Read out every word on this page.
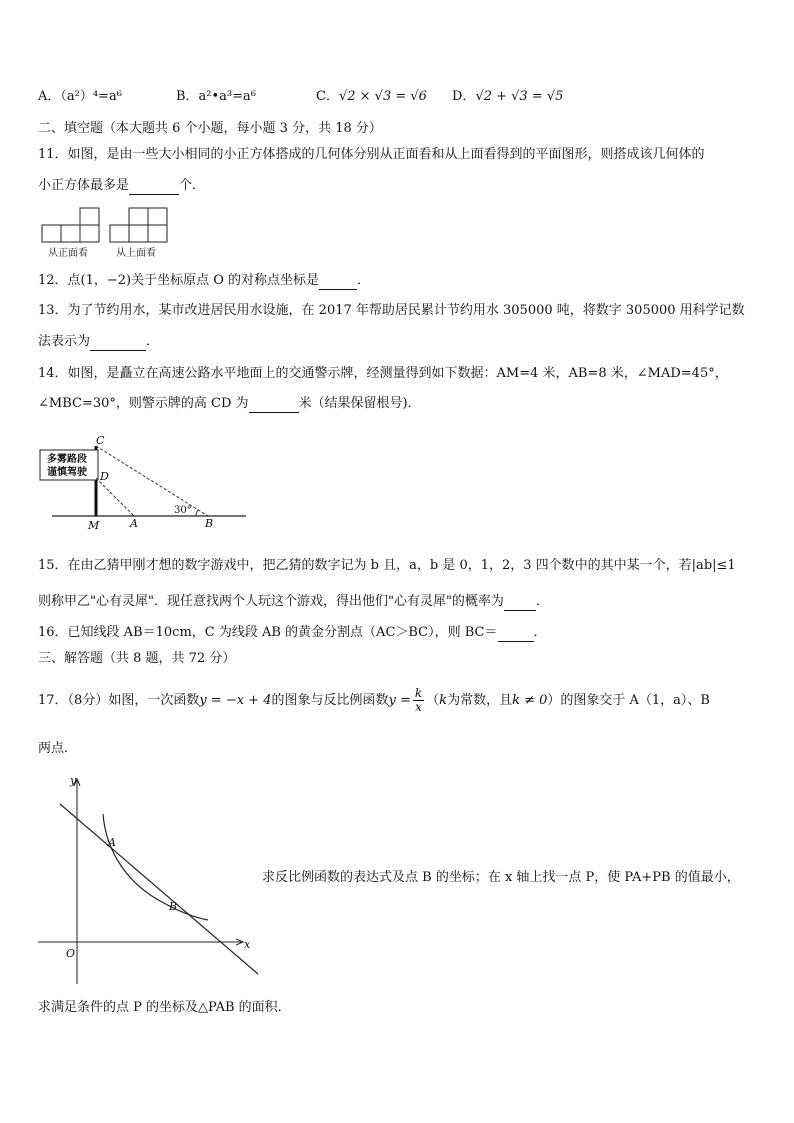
A．（a²）⁴=a⁶	B．a²•a³=a⁶	C．√2 × √3 = √6 D．√2 + √3 = √5
二、填空题（本大题共 6 个小题，每小题 3 分，共 18 分）
11．如图，是由一些大小相同的小正方体搭成的几何体分别从正面看和从上面看得到的平面图形，则搭成该几何体的
小正方体最多是	个．
从正面看	从上面看
12．点(1，−2)关于坐标原点 O 的对称点坐标是	．
13．为了节约用水，某市改进居民用水设施，在 2017 年帮助居民累计节约用水 305000 吨，将数字 305000 用科学记数
法表示为	．
14．如图，是矗立在高速公路水平地面上的交通警示牌，经测量得到如下数据：AM=4 米，AB=8 米，∠MAD=45°，
∠MBC=30°，则警示牌的高 CD 为	米（结果保留根号)．
多雾路段
谨慎驾驶
C
D
M	A	B
30°
15．在由乙猜甲刚才想的数字游戏中，把乙猜的数字记为 b 且，a，b 是 0，1，2，3 四个数中的其中某一个，若|ab|≤1
则称甲乙"心有灵犀"．现任意找两个人玩这个游戏，得出他们"心有灵犀"的概率为 ．
16．已知线段 AB＝10cm，C 为线段 AB 的黄金分割点（AC＞BC），则 BC＝	．
三、解答题（共 8 题，共 72 分）
17．（8分）如图，一次函数y = −x + 4的图象与反比例函数$y = \frac{k}{x} (k$为常数，且k ≠ 0）的图象交于 A（1，a）、B
两点．
y
x
O
A
B
求反比例函数的表达式及点 B 的坐标；在 x 轴上找一点 P，使 PA+PB 的值最小，
求满足条件的点 P 的坐标及△PAB 的面积．
